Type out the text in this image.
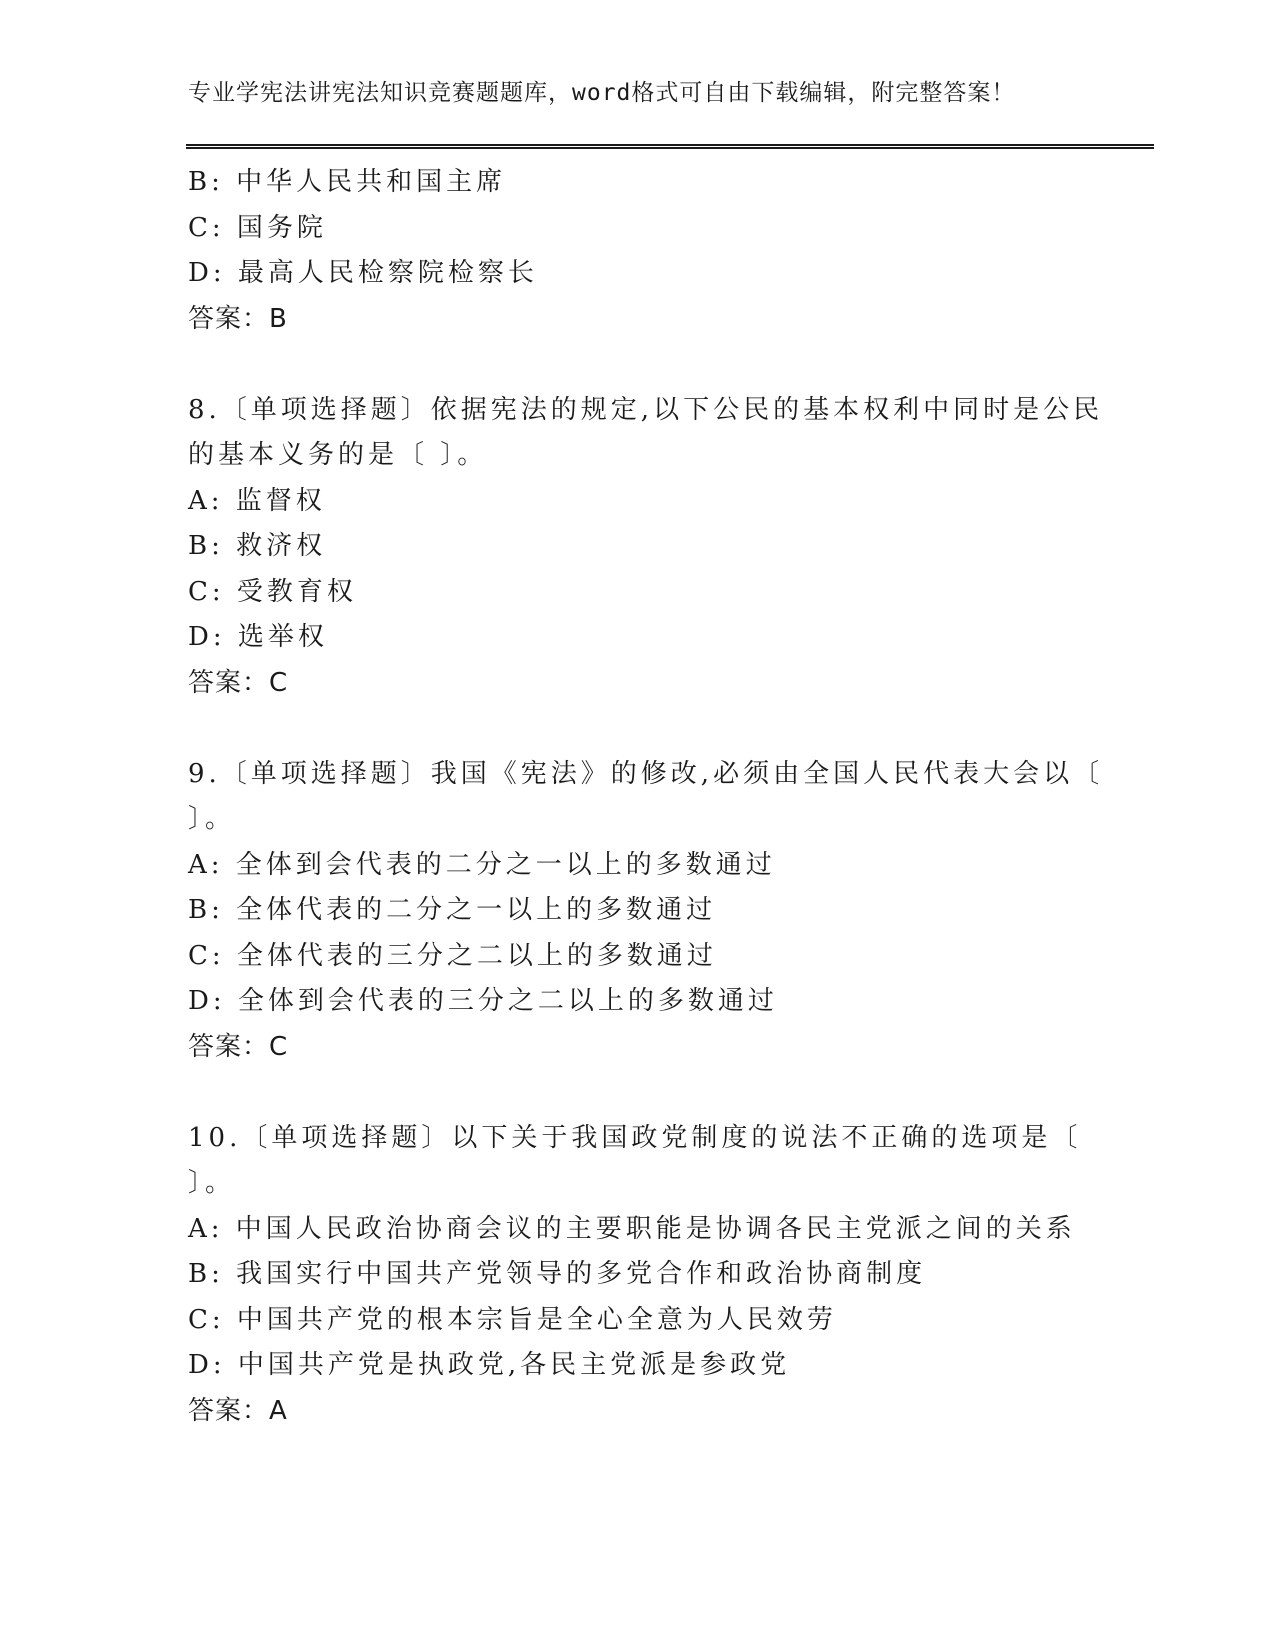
专业学宪法讲宪法知识竞赛题题库，word格式可自由下载编辑，附完整答案！
B: 中华人民共和国主席
C: 国务院
D: 最高人民检察院检察长
答案：B
8.〔单项选择题〕依据宪法的规定,以下公民的基本权利中同时是公民
的基本义务的是〔 〕。
A: 监督权
B: 救济权
C: 受教育权
D: 选举权
答案：C
9.〔单项选择题〕我国《宪法》的修改,必须由全国人民代表大会以〔
〕。
A: 全体到会代表的二分之一以上的多数通过
B: 全体代表的二分之一以上的多数通过
C: 全体代表的三分之二以上的多数通过
D: 全体到会代表的三分之二以上的多数通过
答案：C
10.〔单项选择题〕以下关于我国政党制度的说法不正确的选项是〔
〕。
A: 中国人民政治协商会议的主要职能是协调各民主党派之间的关系
B: 我国实行中国共产党领导的多党合作和政治协商制度
C: 中国共产党的根本宗旨是全心全意为人民效劳
D: 中国共产党是执政党,各民主党派是参政党
答案：A
